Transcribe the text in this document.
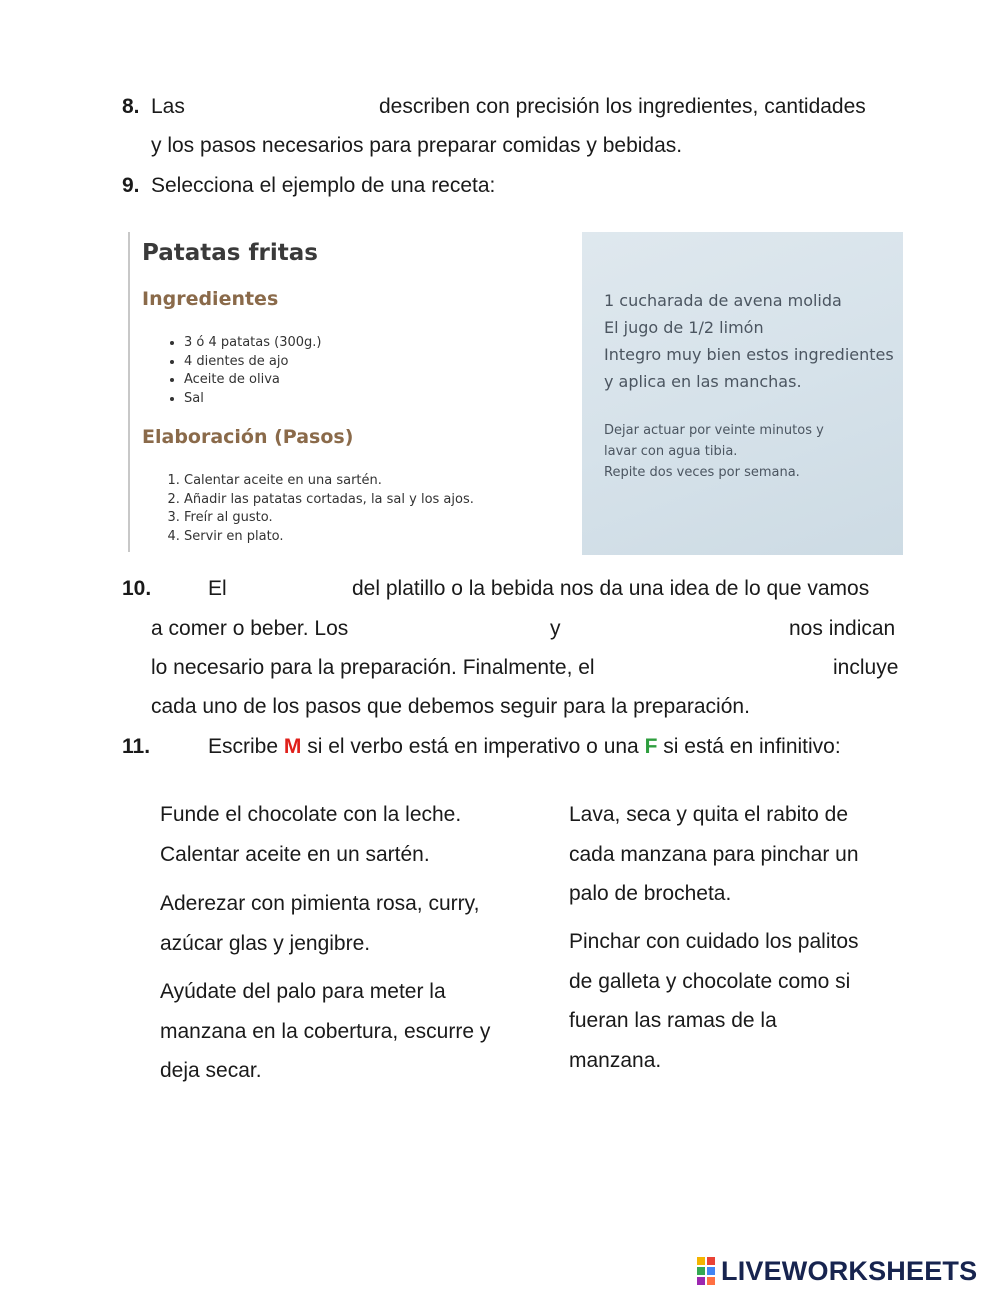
8. Las	describen con precisión los ingredientes, cantidades
y los pasos necesarios para preparar comidas y bebidas.
9. Selecciona el ejemplo de una receta:
Patatas fritas
Ingredientes
• 3 ó 4 patatas (300g.)
• 4 dientes de ajo
• Aceite de oliva
• Sal
Elaboración (Pasos)
1. Calentar aceite en una sartén.
2. Añadir las patatas cortadas, la sal y los ajos.
3. Freír al gusto.
4. Servir en plato.
1 cucharada de avena molida
El jugo de 1/2 limón
Integro muy bien estos ingredientes
y aplica en las manchas.
Dejar actuar por veinte minutos y
lavar con agua tibia.
Repite dos veces por semana.
10.	El	del platillo o la bebida nos da una idea de lo que vamos
a comer o beber. Los	y	nos indican
lo necesario para la preparación. Finalmente, el	incluye
cada uno de los pasos que debemos seguir para la preparación.
11.	Escribe M si el verbo está en imperativo o una F si está en infinitivo:

Funde el chocolate con la leche.

Calentar aceite en un sartén.

Aderezar con pimienta rosa, curry,

azúcar glas y jengibre.

Ayúdate del palo para meter la

manzana en la cobertura, escurre y

deja secar.

Lava, seca y quita el rabito de

cada manzana para pinchar un

palo de brocheta.

Pinchar con cuidado los palitos

de galleta y chocolate como si

fueran las ramas de la

manzana.

LIVEWORKSHEETS
